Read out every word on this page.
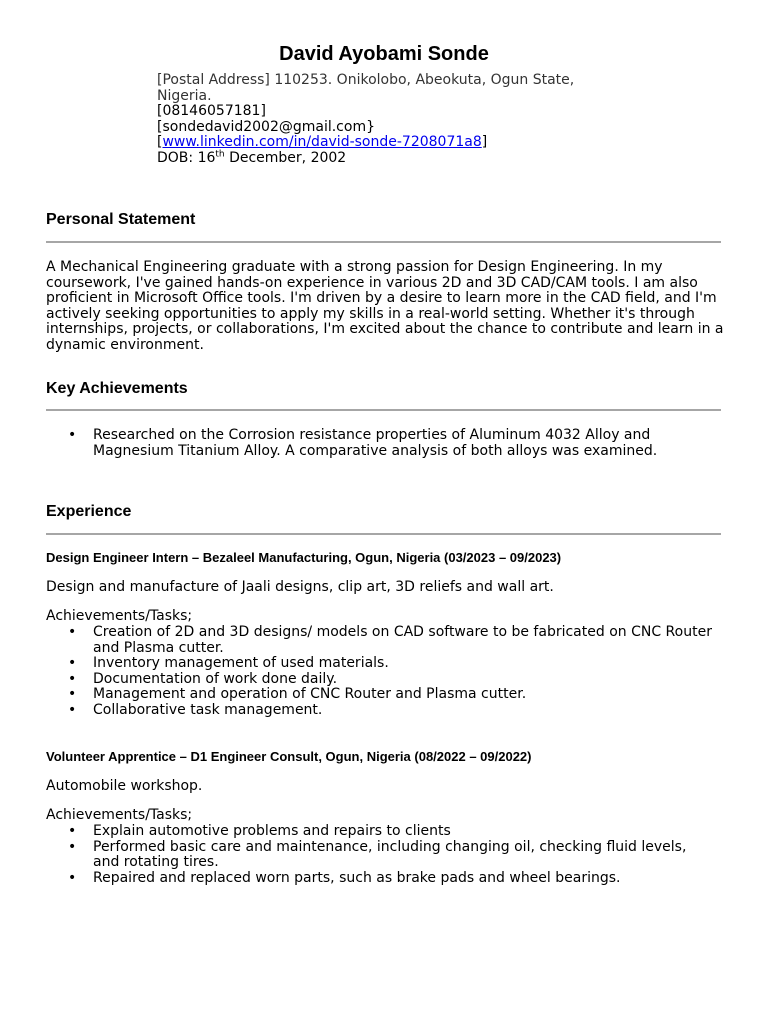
David Ayobami Sonde
[Postal Address] 110253. Onikolobo, Abeokuta, Ogun State, Nigeria.
[08146057181]
[sondedavid2002@gmail.com}
[www.linkedin.com/in/david-sonde-7208071a8]
DOB: 16th December, 2002
Personal Statement
A Mechanical Engineering graduate with a strong passion for Design Engineering. In my coursework, I've gained hands-on experience in various 2D and 3D CAD/CAM tools. I am also proficient in Microsoft Office tools. I'm driven by a desire to learn more in the CAD field, and I'm actively seeking opportunities to apply my skills in a real-world setting. Whether it's through internships, projects, or collaborations, I'm excited about the chance to contribute and learn in a dynamic environment.
Key Achievements
• Researched on the Corrosion resistance properties of Aluminum 4032 Alloy and Magnesium Titanium Alloy. A comparative analysis of both alloys was examined.
Experience
Design Engineer Intern – Bezaleel Manufacturing, Ogun, Nigeria (03/2023 – 09/2023)
Design and manufacture of Jaali designs, clip art, 3D reliefs and wall art.
Achievements/Tasks;
• Creation of 2D and 3D designs/ models on CAD software to be fabricated on CNC Router and Plasma cutter.
• Inventory management of used materials.
• Documentation of work done daily.
• Management and operation of CNC Router and Plasma cutter.
• Collaborative task management.
Volunteer Apprentice – D1 Engineer Consult, Ogun, Nigeria (08/2022 – 09/2022)
Automobile workshop.
Achievements/Tasks;
• Explain automotive problems and repairs to clients
• Performed basic care and maintenance, including changing oil, checking fluid levels, and rotating tires.
• Repaired and replaced worn parts, such as brake pads and wheel bearings.
